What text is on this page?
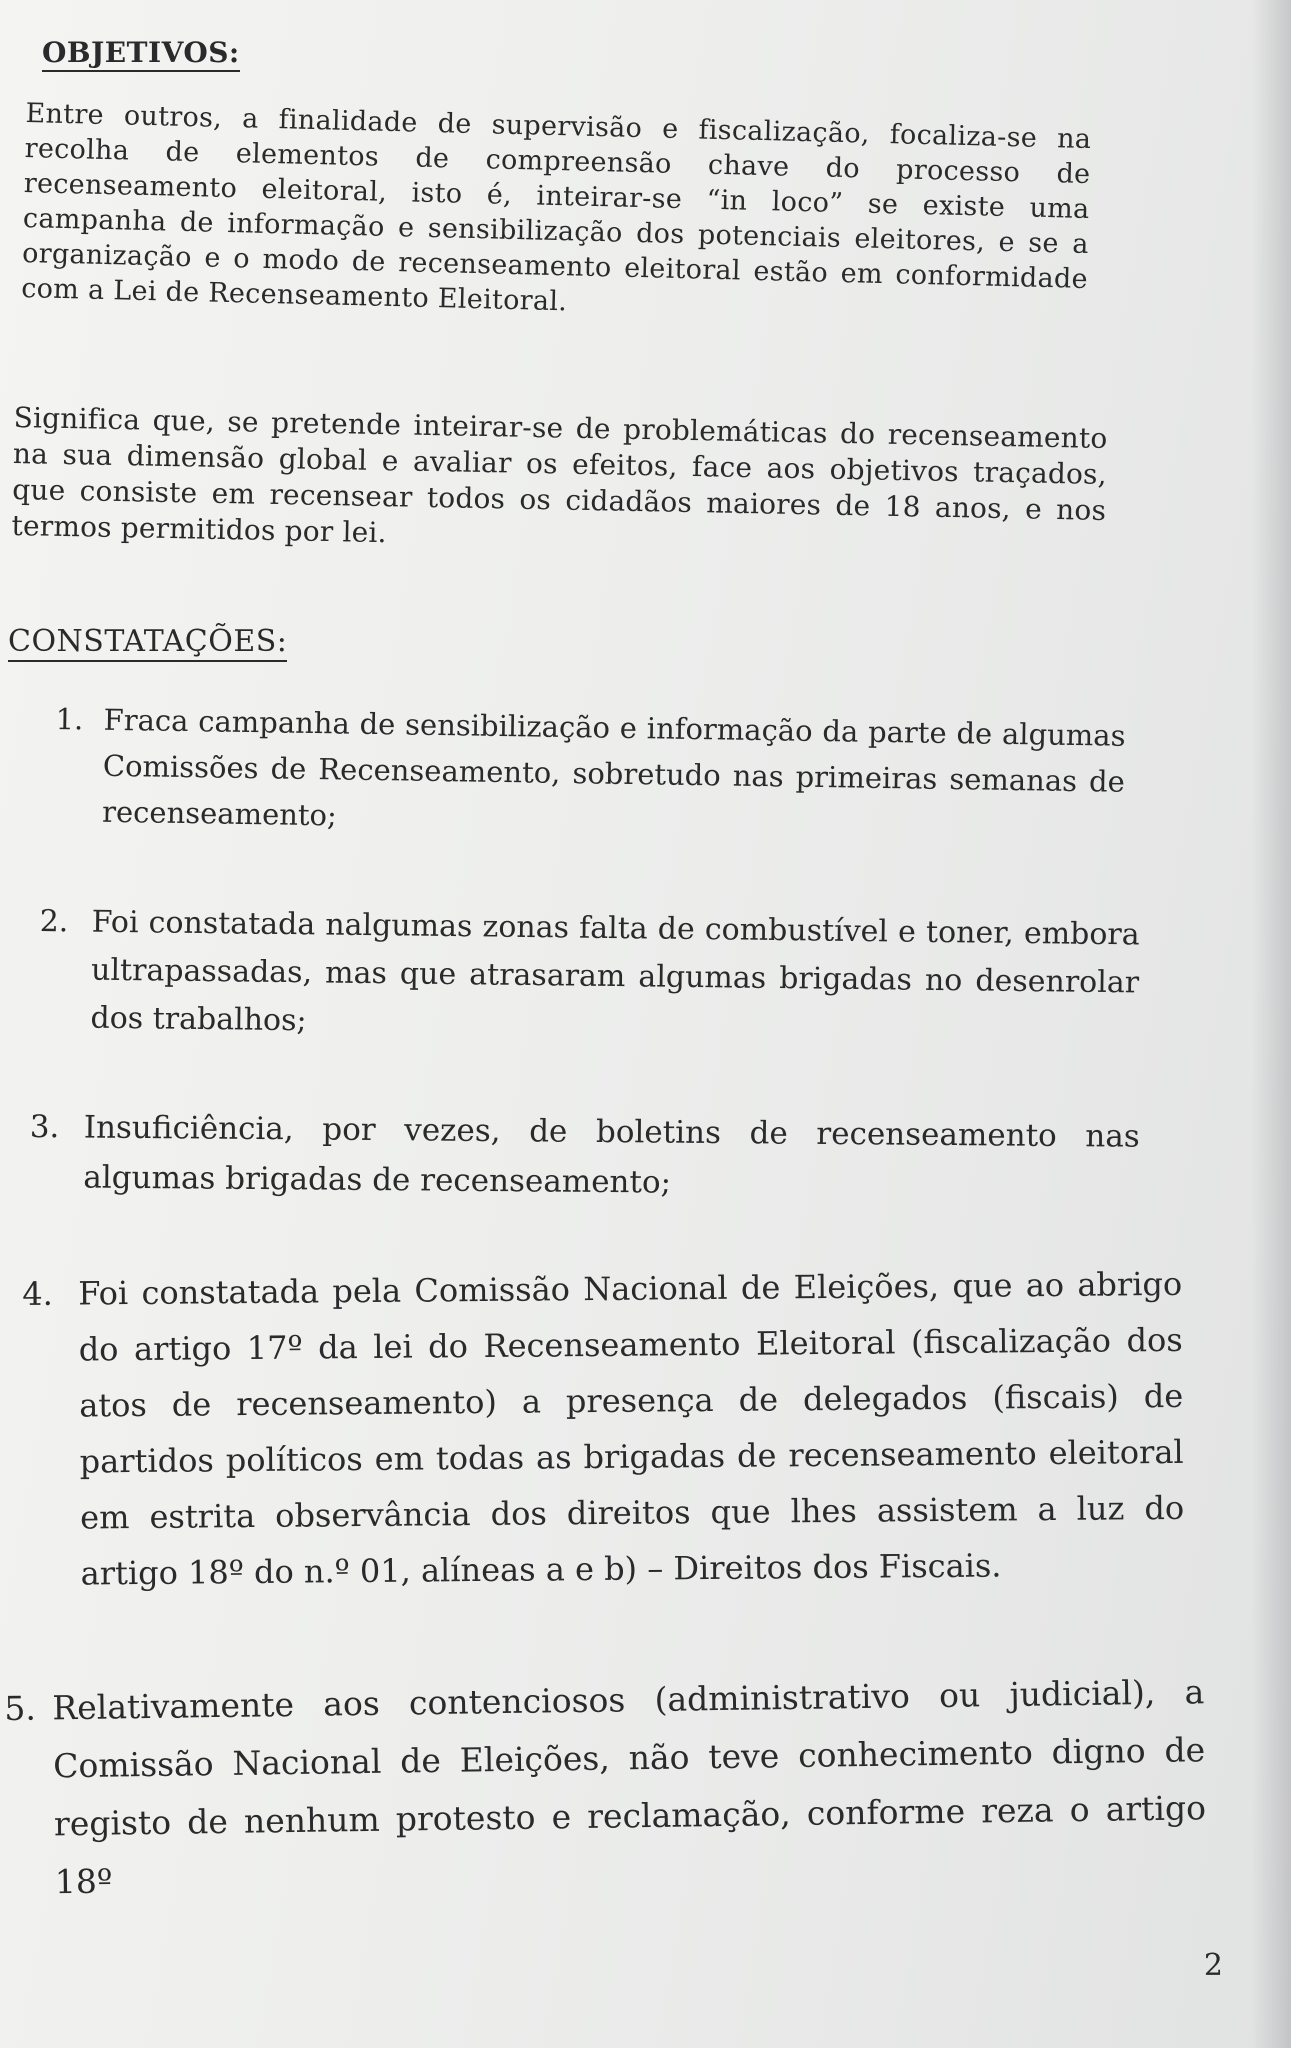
OBJETIVOS:
Entre outros, a finalidade de supervisão e fiscalização, focaliza-se na recolha de elementos de compreensão chave do processo de recenseamento eleitoral, isto é, inteirar-se “in loco” se existe uma campanha de informação e sensibilização dos potenciais eleitores, e se a organização e o modo de recenseamento eleitoral estão em conformidade com a Lei de Recenseamento Eleitoral.
Significa que, se pretende inteirar-se de problemáticas do recenseamento na sua dimensão global e avaliar os efeitos, face aos objetivos traçados, que consiste em recensear todos os cidadãos maiores de 18 anos, e nos termos permitidos por lei.
CONSTATAÇÕES:
1. Fraca campanha de sensibilização e informação da parte de algumas Comissões de Recenseamento, sobretudo nas primeiras semanas de recenseamento;
2. Foi constatada nalgumas zonas falta de combustível e toner, embora ultrapassadas, mas que atrasaram algumas brigadas no desenrolar dos trabalhos;
3. Insuficiência, por vezes, de boletins de recenseamento nas algumas brigadas de recenseamento;
4. Foi constatada pela Comissão Nacional de Eleições, que ao abrigo do artigo 17º da lei do Recenseamento Eleitoral (fiscalização dos atos de recenseamento) a presença de delegados (fiscais) de partidos políticos em todas as brigadas de recenseamento eleitoral em estrita observância dos direitos que lhes assistem a luz do artigo 18º do n.º 01, alíneas a e b) – Direitos dos Fiscais.
5. Relativamente aos contenciosos (administrativo ou judicial), a Comissão Nacional de Eleições, não teve conhecimento digno de registo de nenhum protesto e reclamação, conforme reza o artigo 18º
2
